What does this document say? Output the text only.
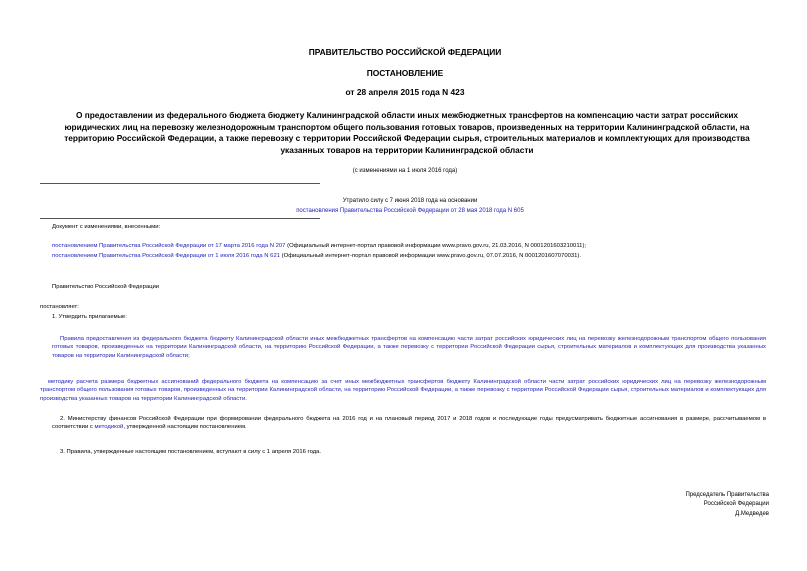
ПРАВИТЕЛЬСТВО РОССИЙСКОЙ ФЕДЕРАЦИИ
ПОСТАНОВЛЕНИЕ
от 28 апреля 2015 года N 423
О предоставлении из федерального бюджета бюджету Калининградской области иных межбюджетных трансфертов на компенсацию части затрат российских юридических лиц на перевозку железнодорожным транспортом общего пользования готовых товаров, произведенных на территории Калининградской области, на территорию Российской Федерации, а также перевозку с территории Российской Федерации сырья, строительных материалов и комплектующих для производства указанных товаров на территории Калининградской области
(с изменениями на 1 июля 2016 года)
Утратило силу с 7 июня 2018 года на основании
постановления Правительства Российской Федерации от 28 мая 2018 года N 605
Документ с изменениями, внесенными:
постановлением Правительства Российской Федерации от 17 марта 2016 года N 207 (Официальный интернет-портал правовой информации www.pravo.gov.ru, 21.03.2016, N 0001201603210011);
постановлением Правительства Российской Федерации от 1 июля 2016 года N 621 (Официальный интернет-портал правовой информации www.pravo.gov.ru, 07.07.2016, N 0001201607070031).
Правительство Российской Федерации
постановляет:
1. Утвердить прилагаемые:
Правила предоставления из федерального бюджета бюджету Калининградской области иных межбюджетных трансфертов на компенсацию части затрат российских юридических лиц на перевозку железнодорожным транспортом общего пользования готовых товаров, произведенных на территории Калининградской области, на территорию Российской Федерации, а также перевозку с территории Российской Федерации сырья, строительных материалов и комплектующих для производства указанных товаров на территории Калининградской области;
методику расчета размера бюджетных ассигнований федерального бюджета на компенсацию за счет иных межбюджетных трансфертов бюджету Калининградской области части затрат российских юридических лиц на перевозку железнодорожным транспортом общего пользования готовых товаров, произведенных на территории Калининградской области, на территорию Российской Федерации, а также перевозку с территории Российской Федерации сырья, строительных материалов и комплектующих для производства указанных товаров на территории Калининградской области.
2. Министерству финансов Российской Федерации при формировании федерального бюджета на 2016 год и на плановый период 2017 и 2018 годов и последующие годы предусматривать бюджетные ассигнования в размере, рассчитываемом в соответствии с методикой, утвержденной настоящим постановлением.
3. Правила, утвержденные настоящим постановлением, вступают в силу с 1 апреля 2016 года.
Председатель Правительства
Российской Федерации
Д.Медведев
